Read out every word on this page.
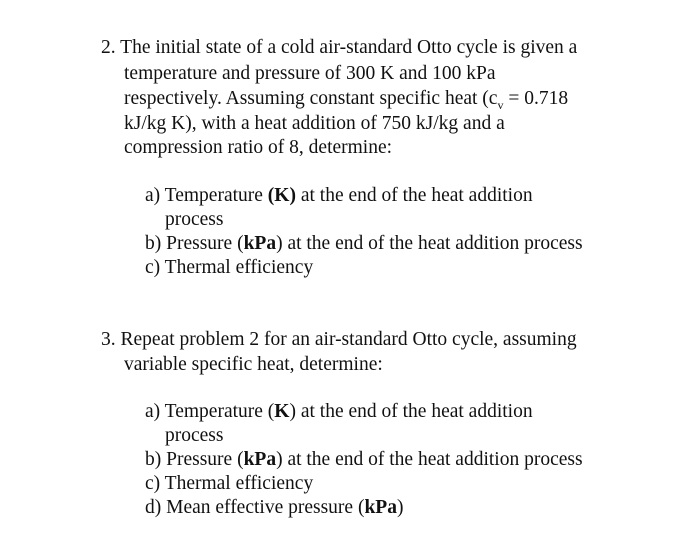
2. The initial state of a cold air-standard Otto cycle is given a
temperature and pressure of 300 K and 100 kPa
respectively. Assuming constant specific heat ($c_v = 0.718$
kJ/kg K), with a heat addition of 750 kJ/kg and a
compression ratio of 8, determine:
a) Temperature (K) at the end of the heat addition
process
b) Pressure (kPa) at the end of the heat addition process
c) Thermal efficiency
3. Repeat problem 2 for an air-standard Otto cycle, assuming
variable specific heat, determine:
a) Temperature (K) at the end of the heat addition
process
b) Pressure (kPa) at the end of the heat addition process
c) Thermal efficiency
d) Mean effective pressure (kPa)
